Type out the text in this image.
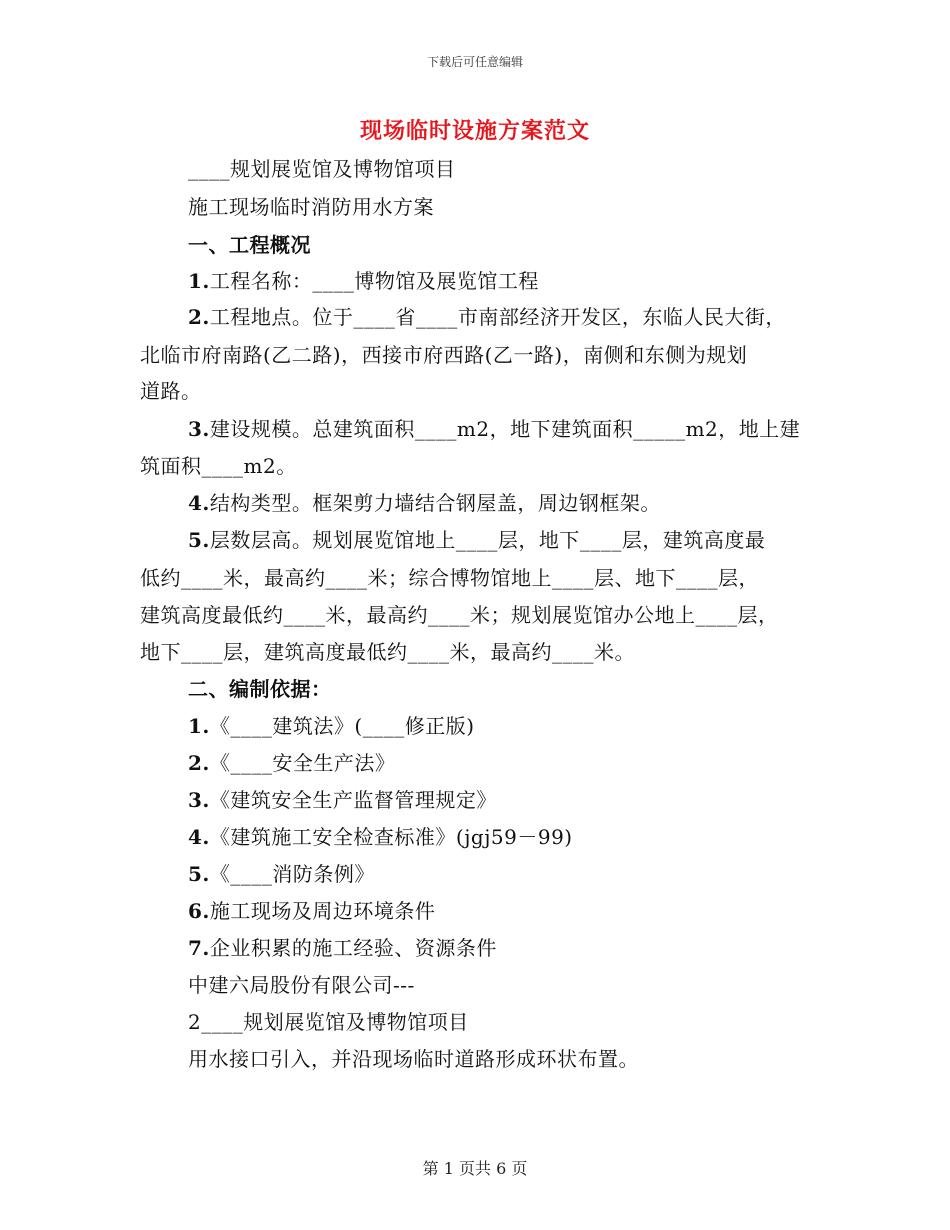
下载后可任意编辑
现场临时设施方案范文
____规划展览馆及博物馆项目
施工现场临时消防用水方案
一、工程概况
1.工程名称：____博物馆及展览馆工程
2.工程地点。位于____省____市南部经济开发区，东临人民大街，
北临市府南路(乙二路)，西接市府西路(乙一路)，南侧和东侧为规划
道路。
3.建设规模。总建筑面积____m2，地下建筑面积_____m2，地上建
筑面积____m2。
4.结构类型。框架剪力墙结合钢屋盖，周边钢框架。
5.层数层高。规划展览馆地上____层，地下____层，建筑高度最
低约____米，最高约____米；综合博物馆地上____层、地下____层，
建筑高度最低约____米，最高约____米；规划展览馆办公地上____层，
地下____层，建筑高度最低约____米，最高约____米。
二、编制依据：
1.《____建筑法》(____修正版)
2.《____安全生产法》
3.《建筑安全生产监督管理规定》
4.《建筑施工安全检查标准》(jgj59－99)
5.《____消防条例》
6.施工现场及周边环境条件
7.企业积累的施工经验、资源条件
中建六局股份有限公司---
2____规划展览馆及博物馆项目
用水接口引入，并沿现场临时道路形成环状布置。
第 1 页共 6 页
